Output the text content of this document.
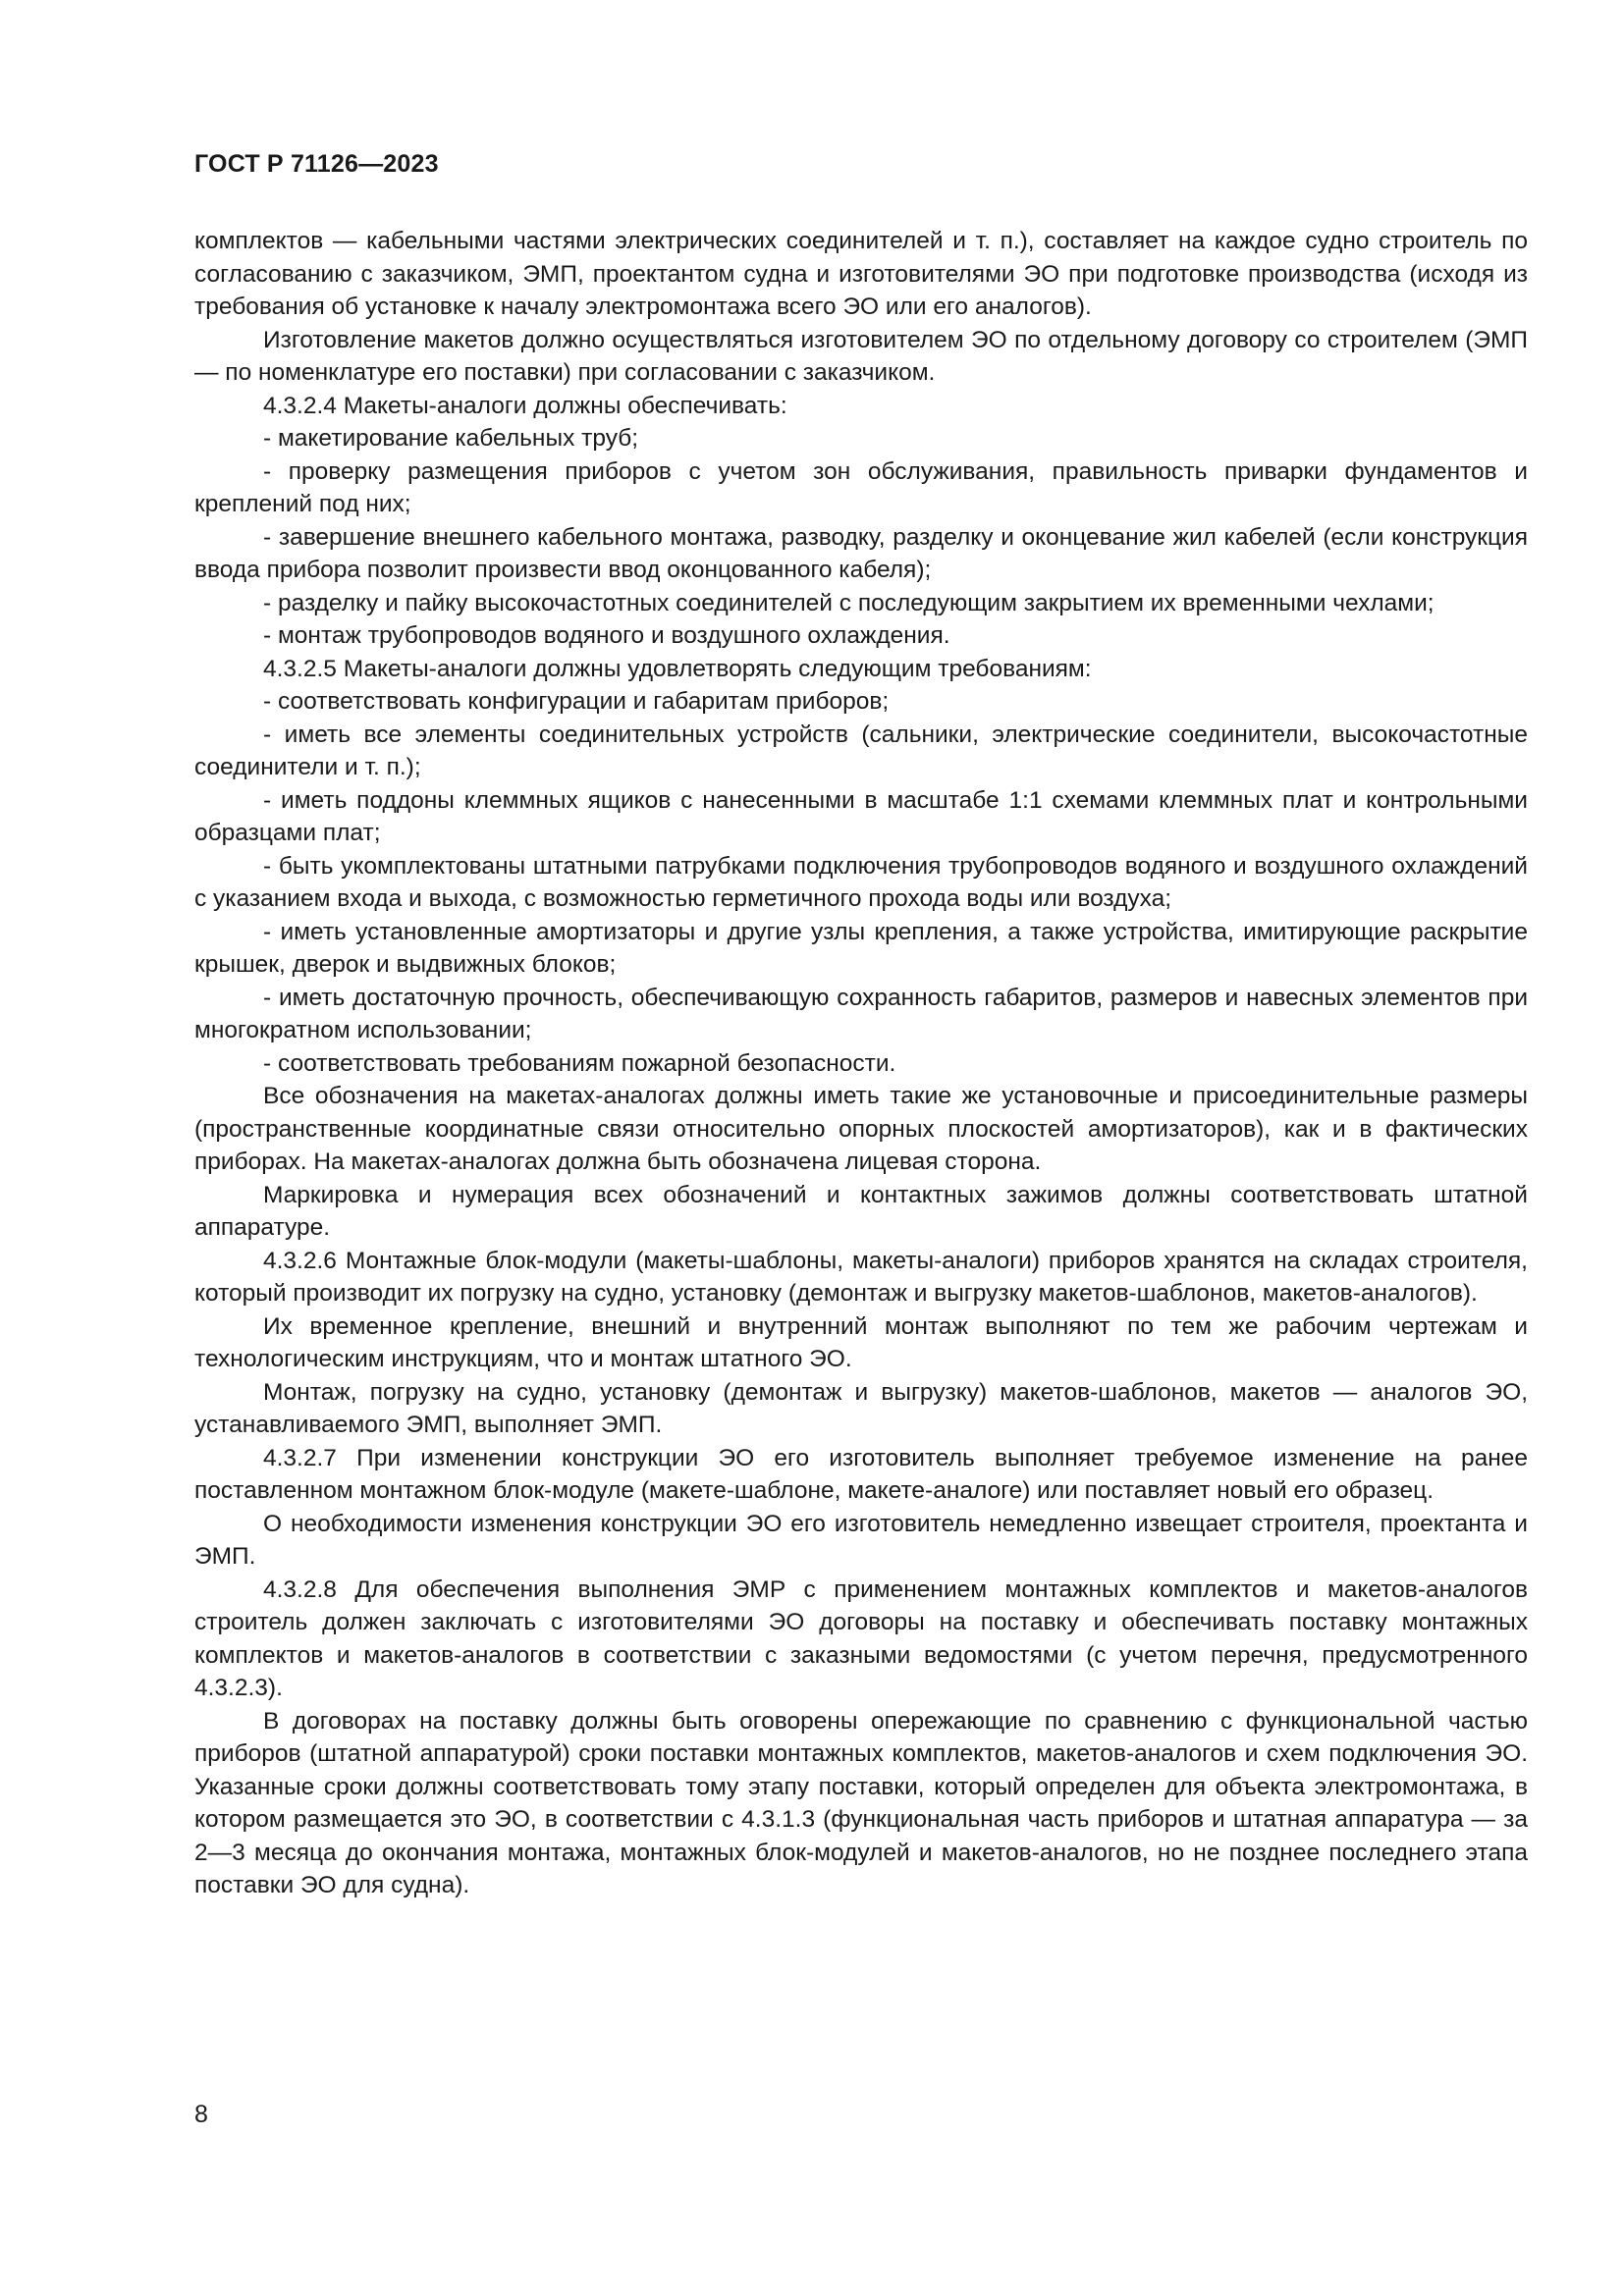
ГОСТ Р 71126—2023

комплектов — кабельными частями электрических соединителей и т. п.), составляет на каждое судно строитель по согласованию с заказчиком, ЭМП, проектантом судна и изготовителями ЭО при подготовке производства (исходя из требования об установке к началу электромонтажа всего ЭО или его аналогов).

Изготовление макетов должно осуществляться изготовителем ЭО по отдельному договору со строителем (ЭМП — по номенклатуре его поставки) при согласовании с заказчиком.

4.3.2.4 Макеты-аналоги должны обеспечивать:

- макетирование кабельных труб;

- проверку размещения приборов с учетом зон обслуживания, правильность приварки фундаментов и креплений под них;

- завершение внешнего кабельного монтажа, разводку, разделку и оконцевание жил кабелей (если конструкция ввода прибора позволит произвести ввод оконцованного кабеля);

- разделку и пайку высокочастотных соединителей с последующим закрытием их временными чехлами;

- монтаж трубопроводов водяного и воздушного охлаждения.

4.3.2.5 Макеты-аналоги должны удовлетворять следующим требованиям:

- соответствовать конфигурации и габаритам приборов;

- иметь все элементы соединительных устройств (сальники, электрические соединители, высокочастотные соединители и т. п.);

- иметь поддоны клеммных ящиков с нанесенными в масштабе 1:1 схемами клеммных плат и контрольными образцами плат;

- быть укомплектованы штатными патрубками подключения трубопроводов водяного и воздушного охлаждений с указанием входа и выхода, с возможностью герметичного прохода воды или воздуха;

- иметь установленные амортизаторы и другие узлы крепления, а также устройства, имитирующие раскрытие крышек, дверок и выдвижных блоков;

- иметь достаточную прочность, обеспечивающую сохранность габаритов, размеров и навесных элементов при многократном использовании;

- соответствовать требованиям пожарной безопасности.

Все обозначения на макетах-аналогах должны иметь такие же установочные и присоединительные размеры (пространственные координатные связи относительно опорных плоскостей амортизаторов), как и в фактических приборах. На макетах-аналогах должна быть обозначена лицевая сторона.

Маркировка и нумерация всех обозначений и контактных зажимов должны соответствовать штатной аппаратуре.

4.3.2.6 Монтажные блок-модули (макеты-шаблоны, макеты-аналоги) приборов хранятся на складах строителя, который производит их погрузку на судно, установку (демонтаж и выгрузку макетов-шаблонов, макетов-аналогов).

Их временное крепление, внешний и внутренний монтаж выполняют по тем же рабочим чертежам и технологическим инструкциям, что и монтаж штатного ЭО.

Монтаж, погрузку на судно, установку (демонтаж и выгрузку) макетов-шаблонов, макетов — аналогов ЭО, устанавливаемого ЭМП, выполняет ЭМП.

4.3.2.7 При изменении конструкции ЭО его изготовитель выполняет требуемое изменение на ранее поставленном монтажном блок-модуле (макете-шаблоне, макете-аналоге) или поставляет новый его образец.

О необходимости изменения конструкции ЭО его изготовитель немедленно извещает строителя, проектанта и ЭМП.

4.3.2.8 Для обеспечения выполнения ЭМР с применением монтажных комплектов и макетов-аналогов строитель должен заключать с изготовителями ЭО договоры на поставку и обеспечивать поставку монтажных комплектов и макетов-аналогов в соответствии с заказными ведомостями (с учетом перечня, предусмотренного 4.3.2.3).

В договорах на поставку должны быть оговорены опережающие по сравнению с функциональной частью приборов (штатной аппаратурой) сроки поставки монтажных комплектов, макетов-аналогов и схем подключения ЭО. Указанные сроки должны соответствовать тому этапу поставки, который определен для объекта электромонтажа, в котором размещается это ЭО, в соответствии с 4.3.1.3 (функциональная часть приборов и штатная аппаратура — за 2—3 месяца до окончания монтажа, монтажных блок-модулей и макетов-аналогов, но не позднее последнего этапа поставки ЭО для судна).

8
